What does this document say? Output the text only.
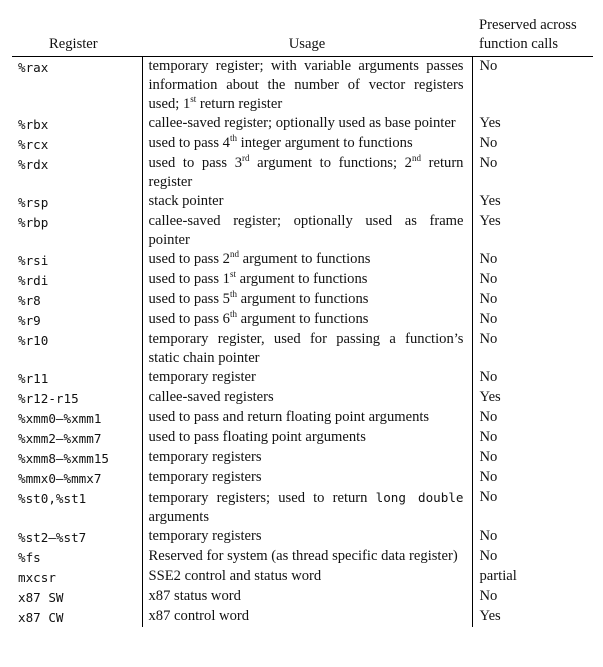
Register	Usage	Preserved across
function calls

%rax	temporary register; with variable arguments passes information about the number of vector registers used; 1st return register	No
%rbx	callee-saved register; optionally used as base pointer	Yes
%rcx	used to pass 4th integer argument to functions	No
%rdx	used to pass 3rd argument to functions; 2nd return register	No
%rsp	stack pointer	Yes
%rbp	callee-saved register; optionally used as frame pointer	Yes
%rsi	used to pass 2nd argument to functions	No
%rdi	used to pass 1st argument to functions	No
%r8	used to pass 5th argument to functions	No
%r9	used to pass 6th argument to functions	No
%r10	temporary register, used for passing a function’s static chain pointer	No
%r11	temporary register	No
%r12-r15	callee-saved registers	Yes
%xmm0–%xmm1	used to pass and return floating point arguments	No
%xmm2–%xmm7	used to pass floating point arguments	No
%xmm8–%xmm15	temporary registers	No
%mmx0–%mmx7	temporary registers	No
%st0,%st1	temporary registers; used to return long double arguments	No
%st2–%st7	temporary registers	No
%fs	Reserved for system (as thread specific data register)	No
mxcsr	SSE2 control and status word	partial
x87 SW	x87 status word	No
x87 CW	x87 control word	Yes
